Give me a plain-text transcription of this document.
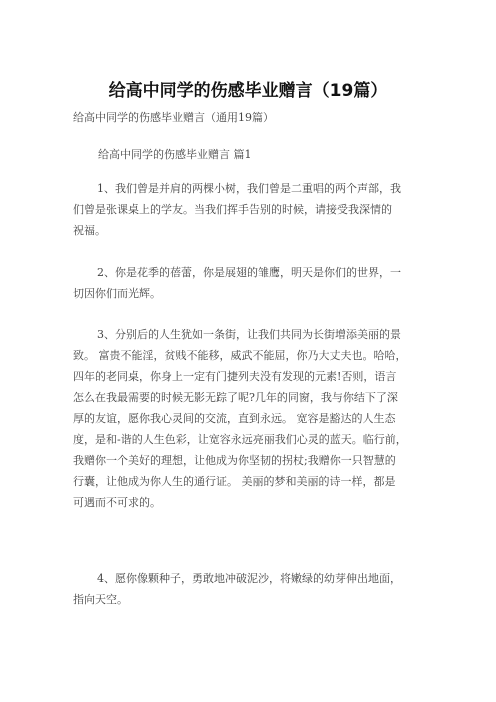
给高中同学的伤感毕业赠言（19篇）

给高中同学的伤感毕业赠言（通用19篇）

给高中同学的伤感毕业赠言 篇1

1、我们曾是并肩的两棵小树，我们曾是二重唱的两个声部，我
们曾是张课桌上的学友。当我们挥手告别的时候，请接受我深情的
祝福。

2、你是花季的蓓蕾，你是展翅的雏鹰，明天是你们的世界，一
切因你们而光辉。

3、分别后的人生犹如一条街，让我们共同为长街增添美丽的景
致。 富贵不能淫，贫贱不能移，威武不能屈，你乃大丈夫也。哈哈，
四年的老同桌，你身上一定有门捷列夫没有发现的元素!否则，语言
怎么在我最需要的时候无影无踪了呢?几年的同窗，我与你结下了深
厚的友谊，愿你我心灵间的交流，直到永远。 宽容是豁达的人生态
度，是和-谐的人生色彩，让宽容永远亮丽我们心灵的蓝天。临行前，
我赠你一个美好的理想，让他成为你坚韧的拐杖;我赠你一只智慧的
行囊，让他成为你人生的通行证。 美丽的梦和美丽的诗一样，都是
可遇而不可求的。

4、愿你像颗种子，勇敢地冲破泥沙，将嫩绿的幼芽伸出地面，
指向天空。
